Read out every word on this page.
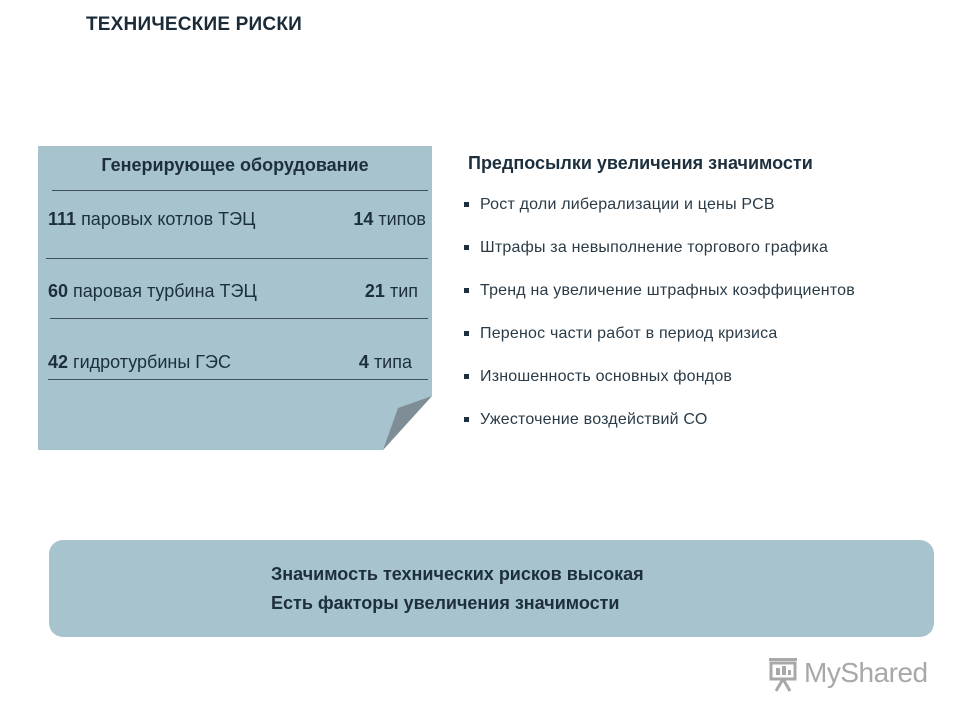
ТЕХНИЧЕСКИЕ РИСКИ
Генерирующее оборудование
111 паровых котлов ТЭЦ	14 типов
60 паровая турбина ТЭЦ	21 тип
42 гидротурбины ГЭС	4 типа
Предпосылки увеличения значимости
Рост доли либерализации и цены РСВ
Штрафы за невыполнение торгового графика
Тренд на увеличение штрафных коэффициентов
Перенос части работ в период кризиса
Изношенность основных фондов
Ужесточение воздействий СО
Значимость технических рисков высокая
Есть факторы увеличения значимости
MyShared
